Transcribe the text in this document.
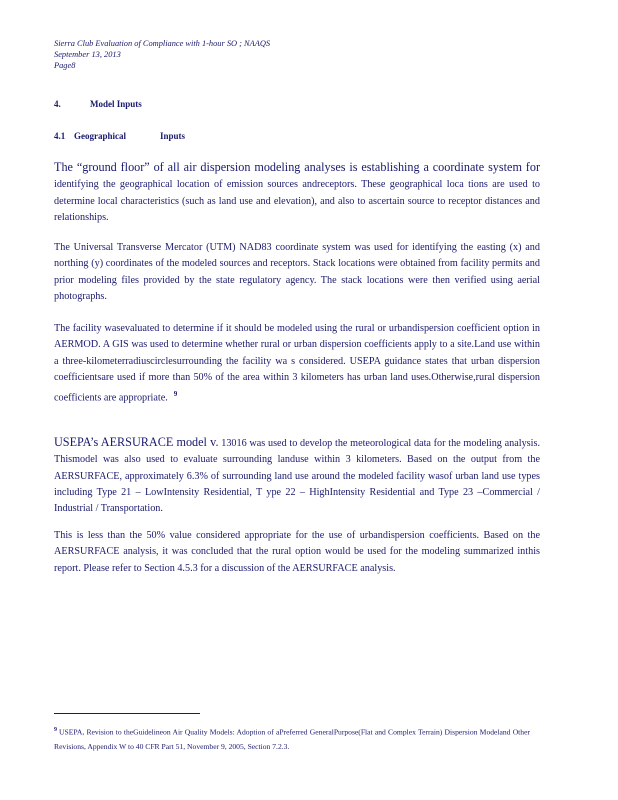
Sierra Club Evaluation of Compliance with 1-hour SO ; NAAQS
September 13, 2013
Page8
4.	Model Inputs
4.1 Geographical	Inputs
The “ground floor” of all air dispersion modeling analyses is establishing a coordinate system for identifying the geographical location of emission sources andreceptors. These geographical loca tions are used to determine local characteristics (such as land use and elevation), and also to ascertain source to receptor distances and relationships.
The Universal Transverse Mercator (UTM) NAD83 coordinate system was used for identifying the easting (x) and northing (y) coordinates of the modeled sources and receptors. Stack locations were obtained from facility permits and prior modeling files provided by the state regulatory agency. The stack locations were then verified using aerial photographs.
The facility wasevaluated to determine if it should be modeled using the rural or urbandispersion coefficient option in AERMOD. A GIS was used to determine whether rural or urban dispersion coefficients apply to a site.Land use within a three-kilometerradiuscirclesurrounding the facility wa s considered. USEPA guidance states that urban dispersion coefficientsare used if more than 50% of the area within 3 kilometers has urban land uses.Otherwise,rural dispersion coefficients are appropriate. $^9$
USEPA’s AERSURACE model v. 13016 was used to develop the meteorological data for the modeling analysis. Thismodel was also used to evaluate surrounding landuse within 3 kilometers. Based on the output from the AERSURFACE, approximately 6.3% of surrounding land use around the modeled facility wasof urban land use types including Type 21 – LowIntensity Residential, T ype 22 – HighIntensity Residential and Type 23 –Commercial / Industrial / Transportation.
This is less than the 50% value considered appropriate for the use of urbandispersion coefficients. Based on the AERSURFACE analysis, it was concluded that the rural option would be used for the modeling summarized inthis report. Please refer to Section 4.5.3 for a discussion of the AERSURFACE analysis.
$^9$ USEPA, Revision to theGuidelineon Air Quality Models: Adoption of aPreferred GeneralPurpose(Flat and Complex Terrain) Dispersion Modeland Other Revisions, Appendix W to 40 CFR Part 51, November 9, 2005, Section 7.2.3.
